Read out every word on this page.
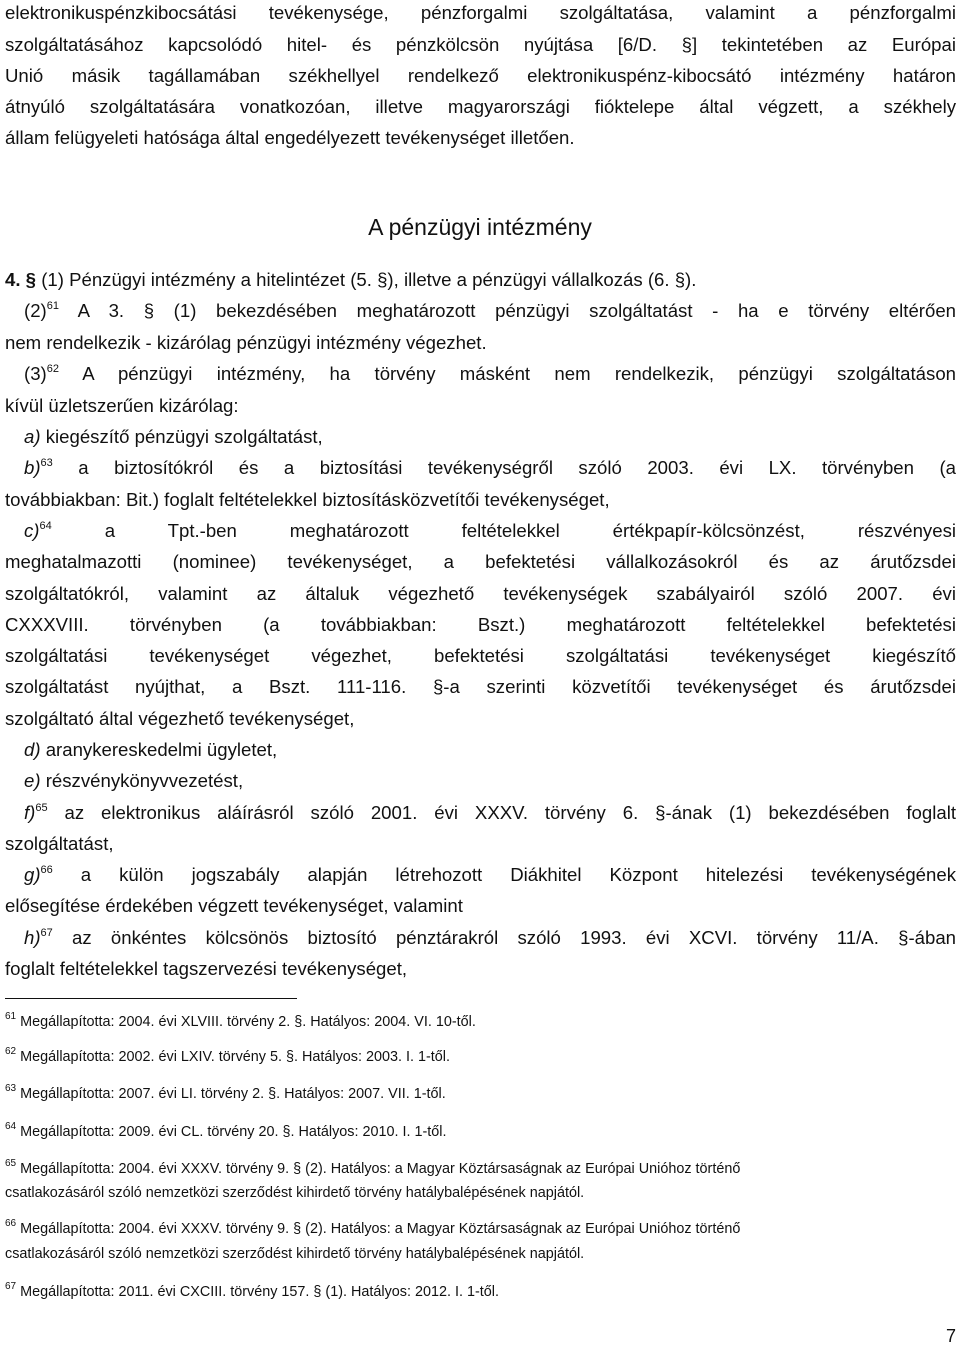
elektronikuspénzkibocsátási tevékenysége, pénzforgalmi szolgáltatása, valamint a pénzforgalmi
szolgáltatásához kapcsolódó hitel- és pénzkölcsön nyújtása [6/D. §] tekintetében az Európai
Unió másik tagállamában székhellyel rendelkező elektronikuspénz-kibocsátó intézmény határon
átnyúló szolgáltatására vonatkozóan, illetve magyarországi fióktelepe által végzett, a székhely
állam felügyeleti hatósága által engedélyezett tevékenységet illetően.
A pénzügyi intézmény
4. § (1) Pénzügyi intézmény a hitelintézet (5. §), illetve a pénzügyi vállalkozás (6. §).
$(2)^{61}$ A 3. § (1) bekezdésében meghatározott pénzügyi szolgáltatást - ha e törvény eltérően
nem rendelkezik - kizárólag pénzügyi intézmény végezhet.
$(3)^{62}$ A pénzügyi intézmény, ha törvény másként nem rendelkezik, pénzügyi szolgáltatáson
kívül üzletszerűen kizárólag:
a) kiegészítő pénzügyi szolgáltatást,
b)$^{63}$ a biztosítókról és a biztosítási tevékenységről szóló 2003. évi LX. törvényben (a
továbbiakban: Bit.) foglalt feltételekkel biztosításközvetítői tevékenységet,
c)$^{64}$	a Tpt.-ben meghatározott feltételekkel értékpapír-kölcsönzést, részvényesi
meghatalmazotti (nominee) tevékenységet, a befektetési vállalkozásokról és az árutőzsdei
szolgáltatókról, valamint az általuk végezhető tevékenységek szabályairól szóló 2007. évi
CXXXVIII. törvényben (a továbbiakban: Bszt.) meghatározott feltételekkel befektetési
szolgáltatási tevékenységet végezhet, befektetési szolgáltatási tevékenységet kiegészítő
szolgáltatást nyújthat, a Bszt. 111-116. §-a szerinti közvetítői tevékenységet és árutőzsdei
szolgáltató által végezhető tevékenységet,
d) aranykereskedelmi ügyletet,
e) részvénykönyvvezetést,
f)$^{65}$ az elektronikus aláírásról szóló 2001. évi XXXV. törvény 6. §-ának (1) bekezdésében foglalt
szolgáltatást,
g)$^{66}$ a külön jogszabály alapján létrehozott Diákhitel Központ hitelezési tevékenységének
elősegítése érdekében végzett tevékenységet, valamint
h)$^{67}$ az önkéntes kölcsönös biztosító pénztárakról szóló 1993. évi XCVI. törvény 11/A. §-ában
foglalt feltételekkel tagszervezési tevékenységet,
$^{61}$ Megállapította: 2004. évi XLVIII. törvény 2. §. Hatályos: 2004. VI. 10-től.
$^{62}$ Megállapította: 2002. évi LXIV. törvény 5. §. Hatályos: 2003. I. 1-től.
$^{63}$ Megállapította: 2007. évi LI. törvény 2. §. Hatályos: 2007. VII. 1-től.
$^{64}$ Megállapította: 2009. évi CL. törvény 20. §. Hatályos: 2010. I. 1-től.
$^{65}$ Megállapította: 2004. évi XXXV. törvény 9. § (2). Hatályos: a Magyar Köztársaságnak az Európai Unióhoz történő
csatlakozásáról szóló nemzetközi szerződést kihirdető törvény hatálybalépésének napjától.
$^{66}$ Megállapította: 2004. évi XXXV. törvény 9. § (2). Hatályos: a Magyar Köztársaságnak az Európai Unióhoz történő
csatlakozásáról szóló nemzetközi szerződést kihirdető törvény hatálybalépésének napjától.
$^{67}$ Megállapította: 2011. évi CXCIII. törvény 157. § (1). Hatályos: 2012. I. 1-től.
7
